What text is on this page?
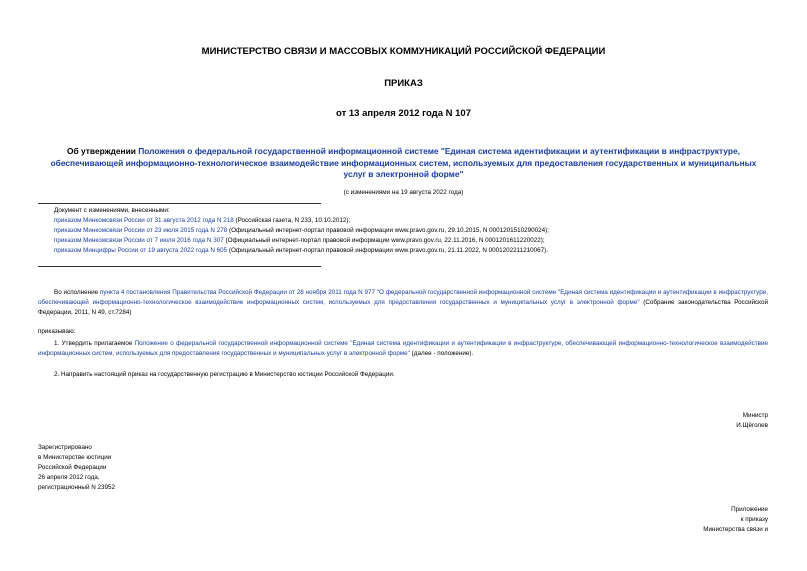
МИНИСТЕРСТВО СВЯЗИ И МАССОВЫХ КОММУНИКАЦИЙ РОССИЙСКОЙ ФЕДЕРАЦИИ
ПРИКАЗ
от 13 апреля 2012 года N 107
Об утверждении Положения о федеральной государственной информационной системе "Единая система идентификации и аутентификации в инфраструктуре, обеспечивающей информационно-технологическое взаимодействие информационных систем, используемых для предоставления государственных и муниципальных услуг в электронной форме"
(с изменениями на 19 августа 2022 года)
Документ с изменениями, внесенными:
приказом Минкомсвязи России от 31 августа 2012 года N 218 (Российская газета, N 233, 10.10.2012);
приказом Минкомсвязи России от 23 июля 2015 года N 278 (Официальный интернет-портал правовой информации www.pravo.gov.ru, 29.10.2015, N 0001201510290024);
приказом Минкомсвязи России от 7 июля 2016 года N 307 (Официальный интернет-портал правовой информации www.pravo.gov.ru, 22.11.2016, N 0001201611220022);
приказом Минцифры России от 19 августа 2022 года N 605 (Официальный интернет-портал правовой информации www.pravo.gov.ru, 21.11.2022, N 0001202211210067).
Во исполнение пункта 4 постановления Правительства Российской Федерации от 28 ноября 2011 года N 977 "О федеральной государственной информационной системе "Единая система идентификации и аутентификации в инфраструктуре, обеспечивающей информационно-технологическое взаимодействие информационных систем, используемых для предоставления государственных и муниципальных услуг в электронной форме" (Собрание законодательства Российской Федерации, 2011, N 49, ст.7284)
приказываю:
1. Утвердить прилагаемое Положение о федеральной государственной информационной системе "Единая система идентификации и аутентификации в инфраструктуре, обеспечивающей информационно-технологическое взаимодействие информационных систем, используемых для предоставления государственных и муниципальных услуг в электронной форме" (далее - положение).
2. Направить настоящий приказ на государственную регистрацию в Министерство юстиции Российской Федерации.
Министр
И.Щёголев
Зарегистрировано
в Министерстве юстиции
Российской Федерации
26 апреля 2012 года,
регистрационный N 23952
Приложение
к приказу
Министерства связи и
